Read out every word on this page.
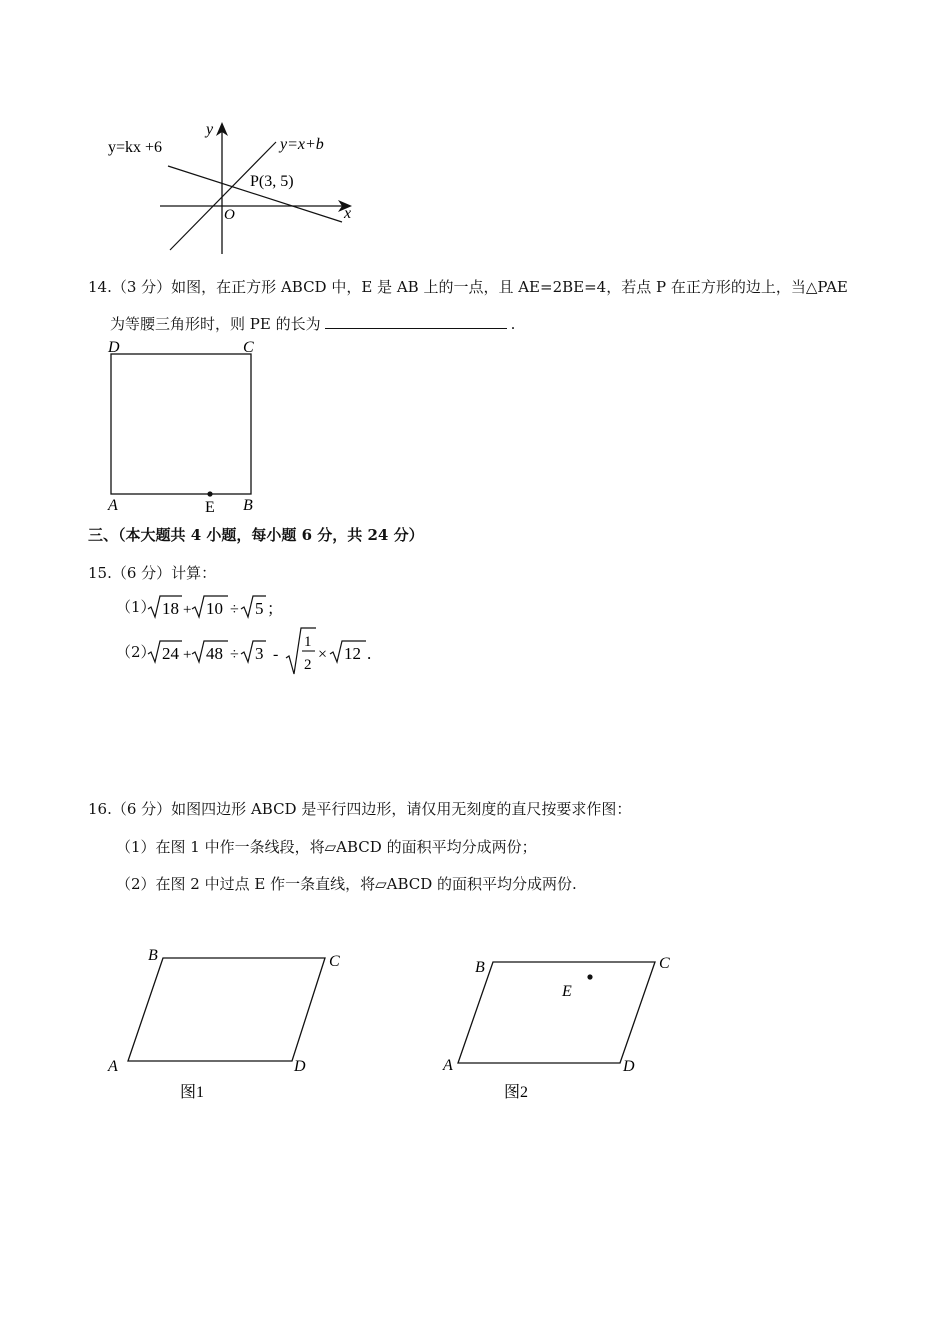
y=kx +6	y=x+b
P(3, 5)
x
y
O
14.（3 分）如图，在正方形 ABCD 中，E 是 AB 上的一点，且 AE=2BE=4，若点 P 在正方形的边上，当△PAE
为等腰三角形时，则 PE 的长为	.
D	C
A	E B
三、（本大题共 4 小题，每小题 6 分，共 24 分）
15.（6 分）计算：
（1） 18 + 10 ÷ 5 ；
（2） 24 + 48 ÷ 3 -
1
2
× 12 .
16.（6 分）如图四边形 ABCD 是平行四边形，请仅用无刻度的直尺按要求作图：
（1）在图 1 中作一条线段，将▱ABCD 的面积平均分成两份；
（2）在图 2 中过点 E 作一条直线，将▱ABCD 的面积平均分成两份.
B	C
A	D
图1
B	C
E
A	D
图2
